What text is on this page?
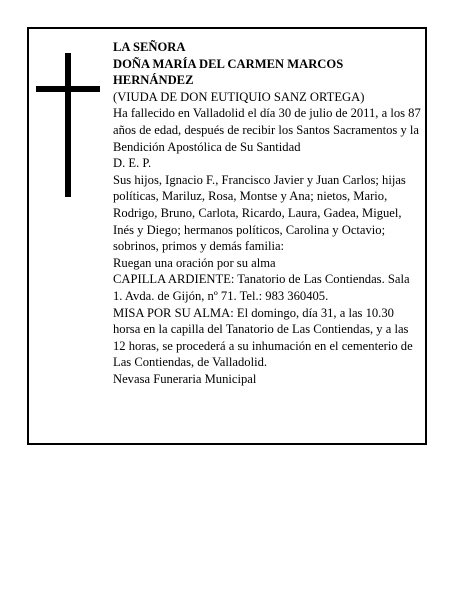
LA SEÑORA

DOÑA MARÍA DEL CARMEN MARCOS HERNÁNDEZ

(VIUDA DE DON EUTIQUIO SANZ ORTEGA)

Ha fallecido en Valladolid el día 30 de julio de 2011, a los 87 años de edad, después de recibir los Santos Sacramentos y la Bendición Apostólica de Su Santidad

D. E. P.

Sus hijos, Ignacio F., Francisco Javier y Juan Carlos; hijas políticas, Mariluz, Rosa, Montse y Ana; nietos, Mario, Rodrigo, Bruno, Carlota, Ricardo, Laura, Gadea, Miguel, Inés y Diego; hermanos políticos, Carolina y Octavio; sobrinos, primos y demás familia:

Ruegan una oración por su alma

CAPILLA ARDIENTE: Tanatorio de Las Contiendas. Sala 1. Avda. de Gijón, nº 71. Tel.: 983 360405.

MISA POR SU ALMA: El domingo, día 31, a las 10.30 horsa en la capilla del Tanatorio de Las Contiendas, y a las 12 horas, se procederá a su inhumación en el cementerio de Las Contiendas, de Valladolid.

Nevasa Funeraria Municipal
